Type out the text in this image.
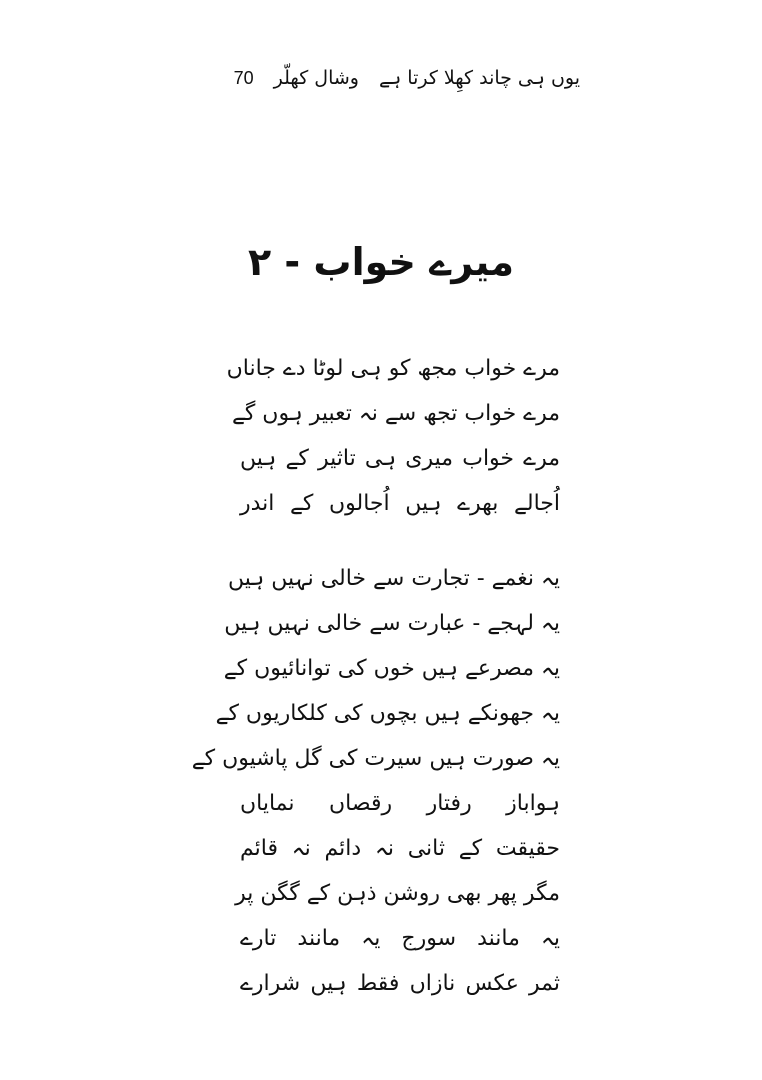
یوں ہی چاند کھِلا کرتا ہے
وشال کھلّر
70
میرے خواب - ۲
مرے خواب مجھ کو ہی لوٹا دے جاناں
مرے خواب تجھ سے نہ تعبیر ہوں گے
مرے خواب میری ہی تاثیر کے ہیں
اُجالے بھرے ہیں اُجالوں کے اندر
یہ نغمے - تجارت سے خالی نہیں ہیں
یہ لہجے - عبارت سے خالی نہیں ہیں
یہ مصرعے ہیں خوں کی توانائیوں کے
یہ جھونکے ہیں بچوں کی کلکاریوں کے
یہ صورت ہیں سیرت کی گل پاشیوں کے
ہواباز رفتار رقصاں نمایاں
حقیقت کے ثانی نہ دائم نہ قائم
مگر پھر بھی روشن ذہن کے گگن پر
یہ مانند سورج یہ مانند تارے
ثمر عکس نازاں فقط ہیں شرارے
